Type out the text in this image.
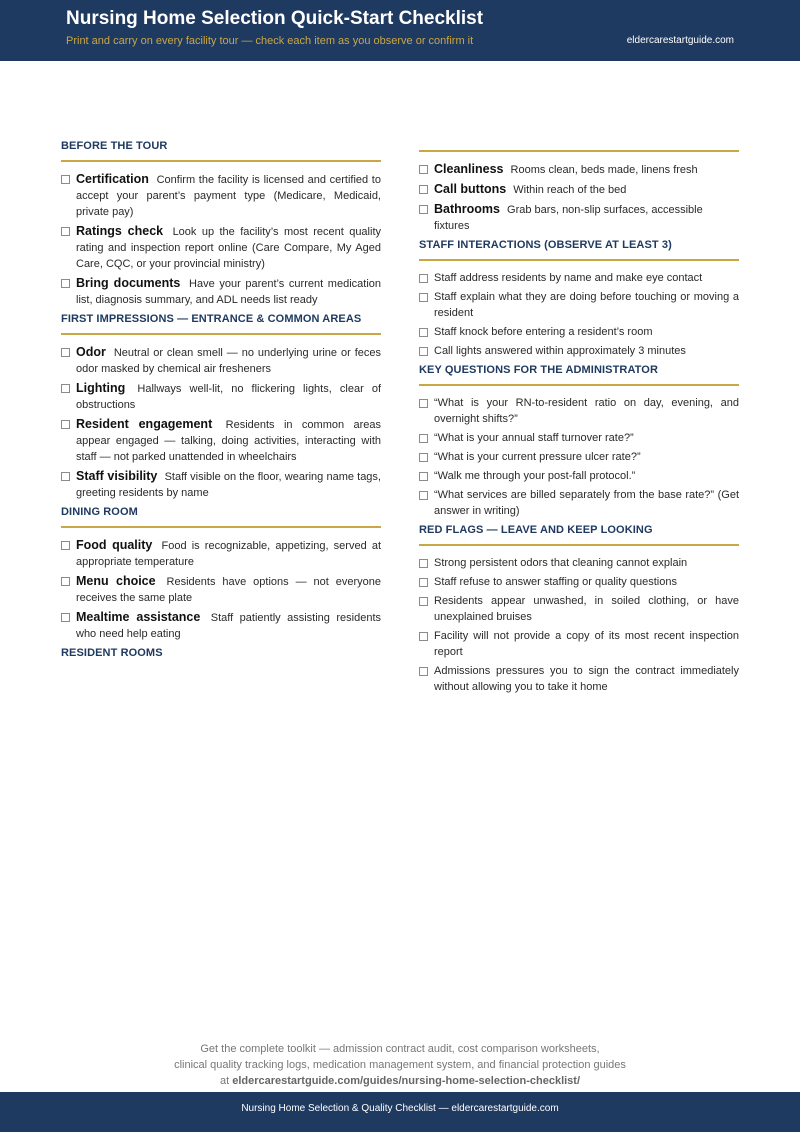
Nursing Home Selection Quick-Start Checklist
Print and carry on every facility tour — check each item as you observe or confirm it	eldercarestartguide.com
BEFORE THE TOUR
Certification Confirm the facility is licensed and certified to accept your parent’s payment type (Medicare, Medicaid, private pay)
Ratings check Look up the facility’s most recent quality rating and inspection report online (Care Compare, My Aged Care, CQC, or your provincial ministry)
Bring documents Have your parent’s current medication list, diagnosis summary, and ADL needs list ready
FIRST IMPRESSIONS — ENTRANCE & COMMON AREAS
Odor Neutral or clean smell — no underlying urine or feces odor masked by chemical air fresheners
Lighting Hallways well-lit, no flickering lights, clear of obstructions
Resident engagement Residents in common areas appear engaged — talking, doing activities, interacting with staff — not parked unattended in wheelchairs
Staff visibility Staff visible on the floor, wearing name tags, greeting residents by name
DINING ROOM
Food quality Food is recognizable, appetizing, served at appropriate temperature
Menu choice Residents have options — not everyone receives the same plate
Mealtime assistance Staff patiently assisting residents who need help eating
RESIDENT ROOMS
Cleanliness Rooms clean, beds made, linens fresh
Call buttons Within reach of the bed
Bathrooms Grab bars, non-slip surfaces, accessible fixtures
STAFF INTERACTIONS (OBSERVE AT LEAST 3)
Staff address residents by name and make eye contact
Staff explain what they are doing before touching or moving a resident
Staff knock before entering a resident’s room
Call lights answered within approximately 3 minutes
KEY QUESTIONS FOR THE ADMINISTRATOR
“What is your RN-to-resident ratio on day, evening, and overnight shifts?”
“What is your annual staff turnover rate?”
“What is your current pressure ulcer rate?”
“Walk me through your post-fall protocol.”
“What services are billed separately from the base rate?” (Get answer in writing)
RED FLAGS — LEAVE AND KEEP LOOKING
Strong persistent odors that cleaning cannot explain
Staff refuse to answer staffing or quality questions
Residents appear unwashed, in soiled clothing, or have unexplained bruises
Facility will not provide a copy of its most recent inspection report
Admissions pressures you to sign the contract immediately without allowing you to take it home
Get the complete toolkit — admission contract audit, cost comparison worksheets,
clinical quality tracking logs, medication management system, and financial protection guides
at eldercarestartguide.com/guides/nursing-home-selection-checklist/
Nursing Home Selection & Quality Checklist — eldercarestartguide.com
